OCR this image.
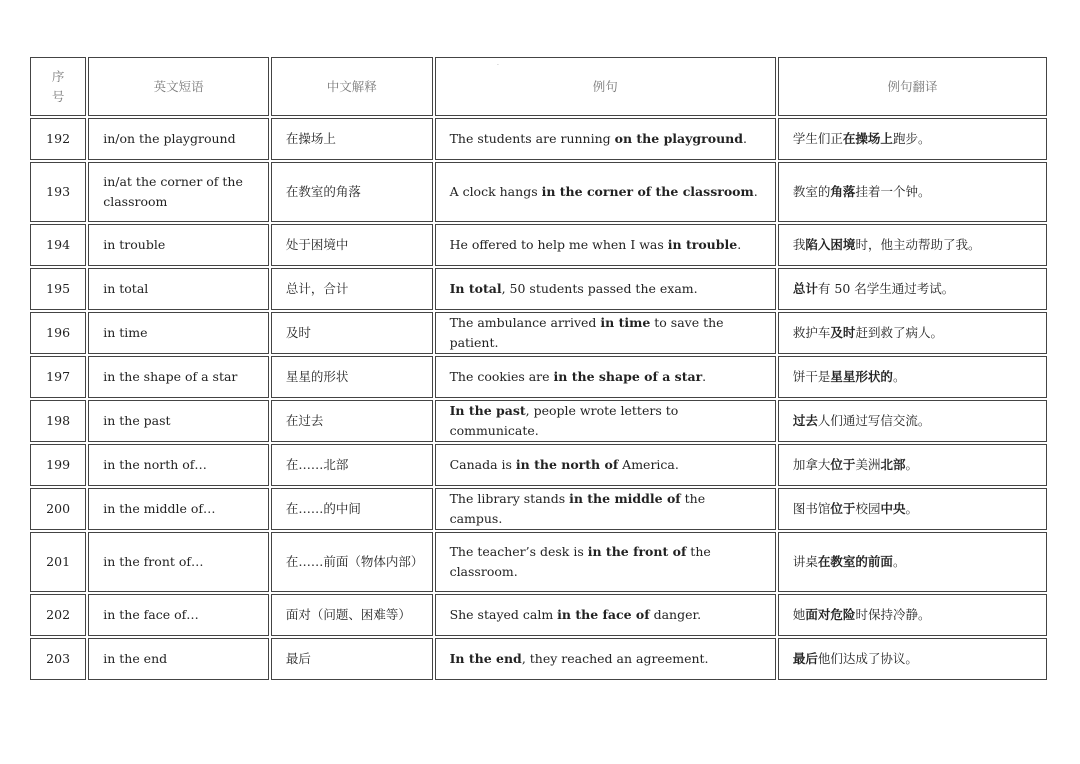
·
序号	英文短语	中文解释	例句	例句翻译
192	in/on the playground	在操场上	The students are running on the playground.	学生们正在操场上跑步。
193	in/at the corner of the classroom	在教室的角落	A clock hangs in the corner of the classroom.	教室的角落挂着一个钟。
194	in trouble	处于困境中	He offered to help me when I was in trouble.	我陷入困境时，他主动帮助了我。
195	in total	总计，合计	In total, 50 students passed the exam.	总计有 50 名学生通过考试。
196	in time	及时	The ambulance arrived in time to save the patient.	救护车及时赶到救了病人。
197	in the shape of a star	星星的形状	The cookies are in the shape of a star.	饼干是星星形状的。
198	in the past	在过去	In the past, people wrote letters to communicate.	过去人们通过写信交流。
199	in the north of…	在……北部	Canada is in the north of America.	加拿大位于美洲北部。
200	in the middle of…	在……的中间	The library stands in the middle of the campus.	图书馆位于校园中央。
201	in the front of…	在……前面（物体内部）	The teacher’s desk is in the front of the classroom.	讲桌在教室的前面。
202	in the face of…	面对（问题、困难等）	She stayed calm in the face of danger.	她面对危险时保持冷静。
203	in the end	最后	In the end, they reached an agreement.	最后他们达成了协议。
